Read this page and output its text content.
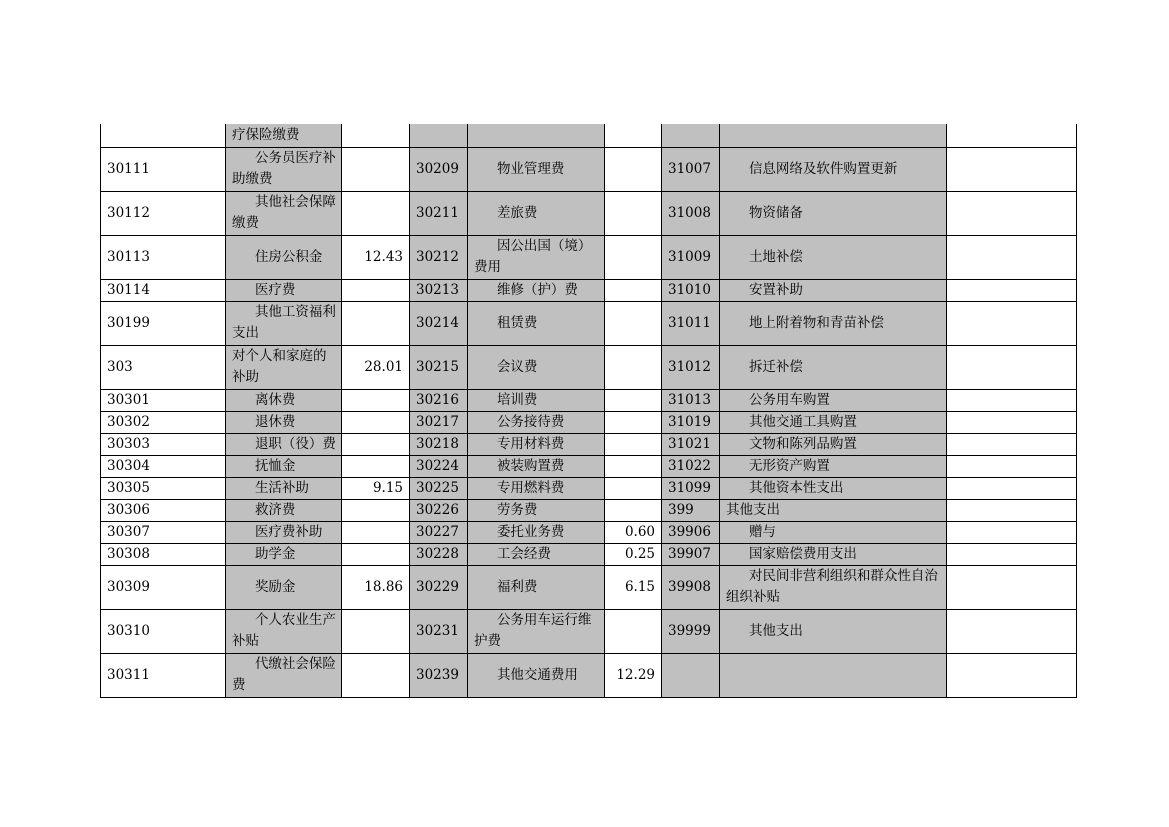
	疗保险缴费							
30111	公务员医疗补助缴费		30209	物业管理费		31007	信息网络及软件购置更新	
30112	其他社会保障缴费		30211	差旅费		31008	物资储备	
30113	住房公积金	12.43	30212	因公出国（境）费用		31009	土地补偿	
30114	医疗费		30213	维修（护）费		31010	安置补助	
30199	其他工资福利支出		30214	租赁费		31011	地上附着物和青苗补偿	
303	对个人和家庭的补助	28.01	30215	会议费		31012	拆迁补偿	
30301	离休费		30216	培训费		31013	公务用车购置	
30302	退休费		30217	公务接待费		31019	其他交通工具购置	
30303	退职（役）费		30218	专用材料费		31021	文物和陈列品购置	
30304	抚恤金		30224	被装购置费		31022	无形资产购置	
30305	生活补助	9.15	30225	专用燃料费		31099	其他资本性支出	
30306	救济费		30226	劳务费		399	其他支出	
30307	医疗费补助		30227	委托业务费	0.60	39906	赠与	
30308	助学金		30228	工会经费	0.25	39907	国家赔偿费用支出	
30309	奖励金	18.86	30229	福利费	6.15	39908	对民间非营利组织和群众性自治组织补贴	
30310	个人农业生产补贴		30231	公务用车运行维护费		39999	其他支出	
30311	代缴社会保险费		30239	其他交通费用	12.29			
